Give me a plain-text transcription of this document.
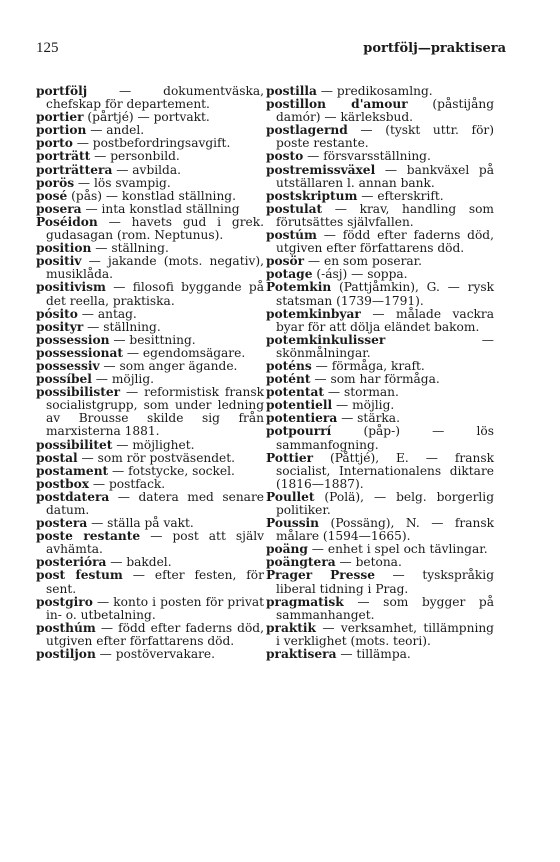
125	portfölj—praktisera

portfölj — dokumentväska, chefskap för departement.

portier (pårtjé) — portvakt.

portion — andel.

porto — postbefordringsavgift.

porträtt — personbild.

porträttera — avbilda.

porös — lös svampig.

posé (pås) — konstlad ställning.

posera — inta konstlad ställning

Poséidon — havets gud i grek. gudasagan (rom. Neptunus).

position — ställning.

positiv — jakande (mots. negativ), musiklåda.

positivism — filosofi byggande på det reella, praktiska.

pósito — antag.

posityr — ställning.

possession — besittning.

possessionat — egendomsägare.

possessiv — som anger ägande.

possíbel — möjlig.

possibilister — reformistisk fransk socialistgrupp, som under ledning av Brousse skilde sig från marxisterna 1881.

possibilitet — möjlighet.

postal — som rör postväsendet.

postament — fotstycke, sockel.

postbox — postfack.

postdatera — datera med senare datum.

postera — ställa på vakt.

poste restante — post att själv avhämta.

posterióra — bakdel.

post festum — efter festen, för sent.

postgiro — konto i posten för privat in- o. utbetalning.

posthúm — född efter faderns död, utgiven efter författarens död.

postiljon — postövervakare.

postilla — predikosamlng.

postillon d'amour (påstijång damór) — kärleksbud.

postlagernd — (tyskt uttr. för) poste restante.

posto — försvarsställning.

postremissväxel — bankväxel på utställaren l. annan bank.

postskriptum — efterskrift.

postulat — krav, handling som förutsättes självfallen.

postúm — född efter faderns död, utgiven efter författarens död.

posör — en som poserar.

potage (-ásj) — soppa.

Potemkin (Pattjåmkin), G. — rysk statsman (1739—1791).

potemkinbyar — målade vackra byar för att dölja eländet bakom.

potemkinkulisser — skönmålningar.

poténs — förmåga, kraft.

potént — som har förmåga.

potentat — storman.

potentiell — möjlig.

potentiera — stärka.

potpourrí (påp-) — lös sammanfogning.

Pottier (Påttjé), E. — fransk socialist, Internationalens diktare (1816—1887).

Poullet (Polä), — belg. borgerlig politiker.

Poussin (Possäng), N. — fransk målare (1594—1665).

poäng — enhet i spel och tävlingar.

poängtera — betona.

Prager Presse — tyskspråkig liberal tidning i Prag.

pragmatisk — som bygger på sammanhanget.

praktik — verksamhet, tillämpning i verklighet (mots. teori).

praktisera — tillämpa.
